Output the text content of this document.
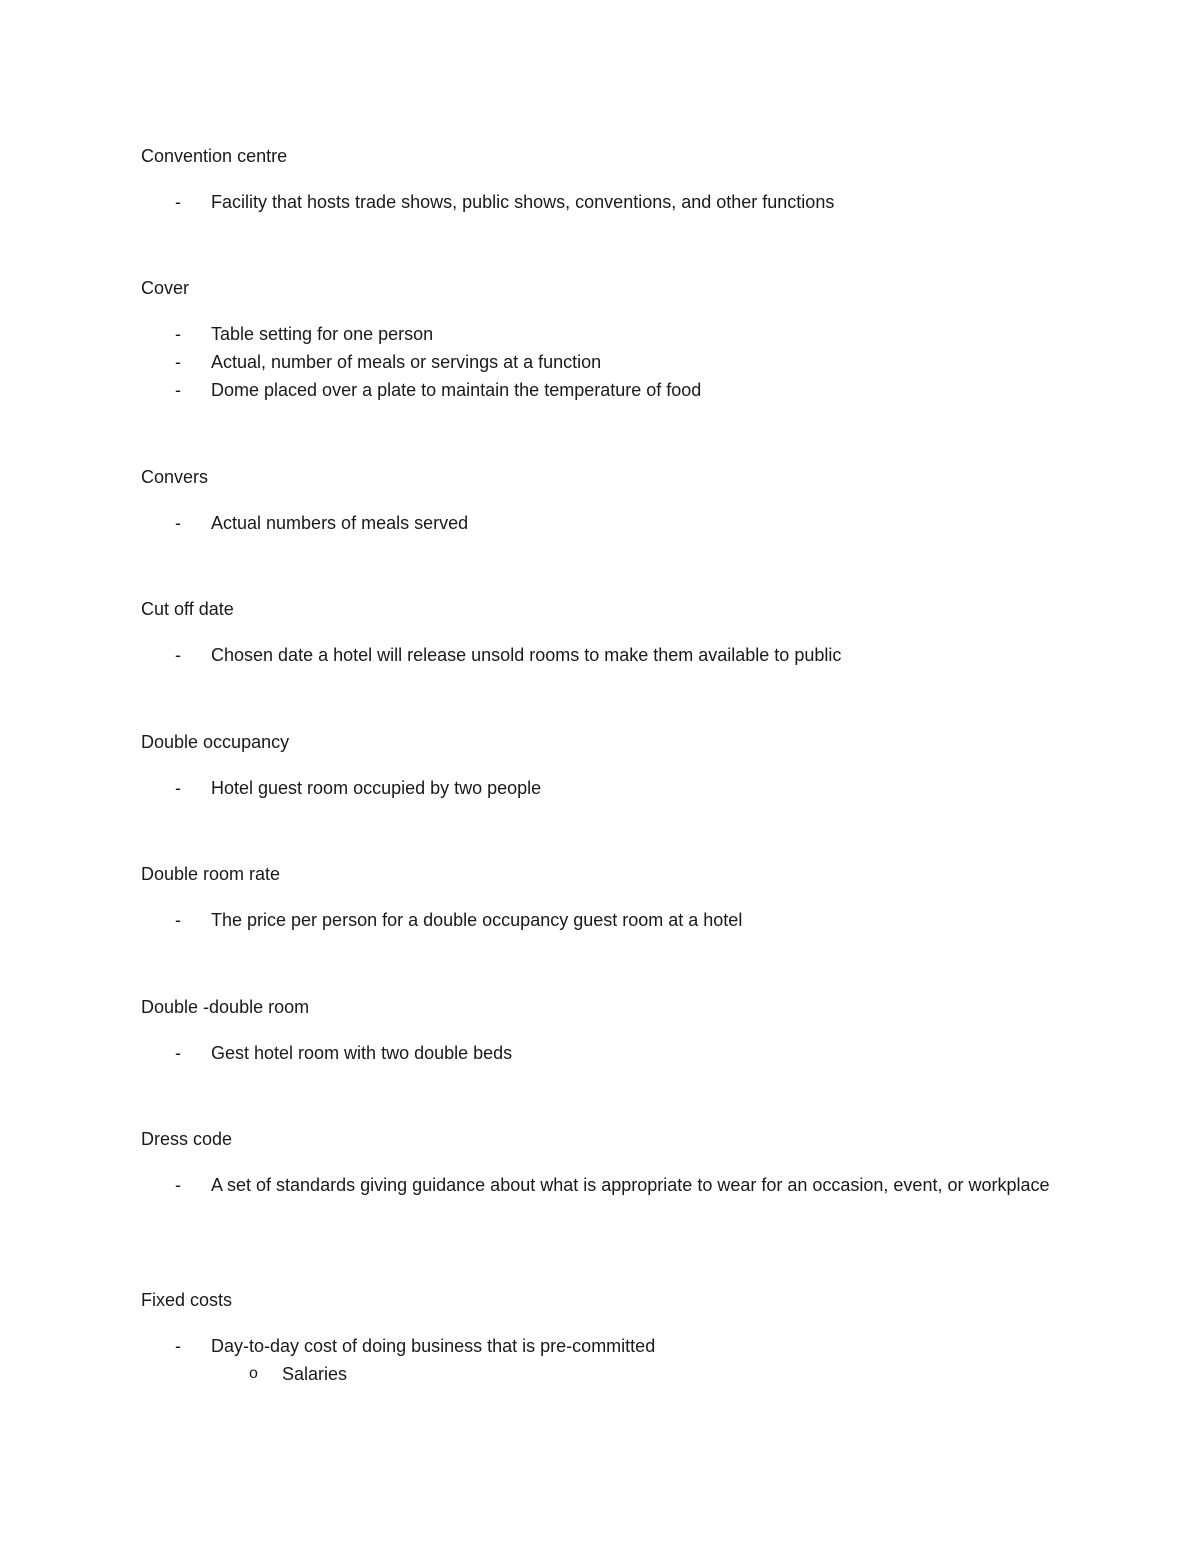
Convention centre
-	Facility that hosts trade shows, public shows, conventions, and other functions
Cover
-	Table setting for one person
-	Actual, number of meals or servings at a function
-	Dome placed over a plate to maintain the temperature of food
Convers
-	Actual numbers of meals served
Cut off date
-	Chosen date a hotel will release unsold rooms to make them available to public
Double occupancy
-	Hotel guest room occupied by two people
Double room rate
-	The price per person for a double occupancy guest room at a hotel
Double -double room
-	Gest hotel room with two double beds
Dress code
-	A set of standards giving guidance about what is appropriate to wear for an occasion, event, or workplace
Fixed costs
-	Day-to-day cost of doing business that is pre-committed
o Salaries
